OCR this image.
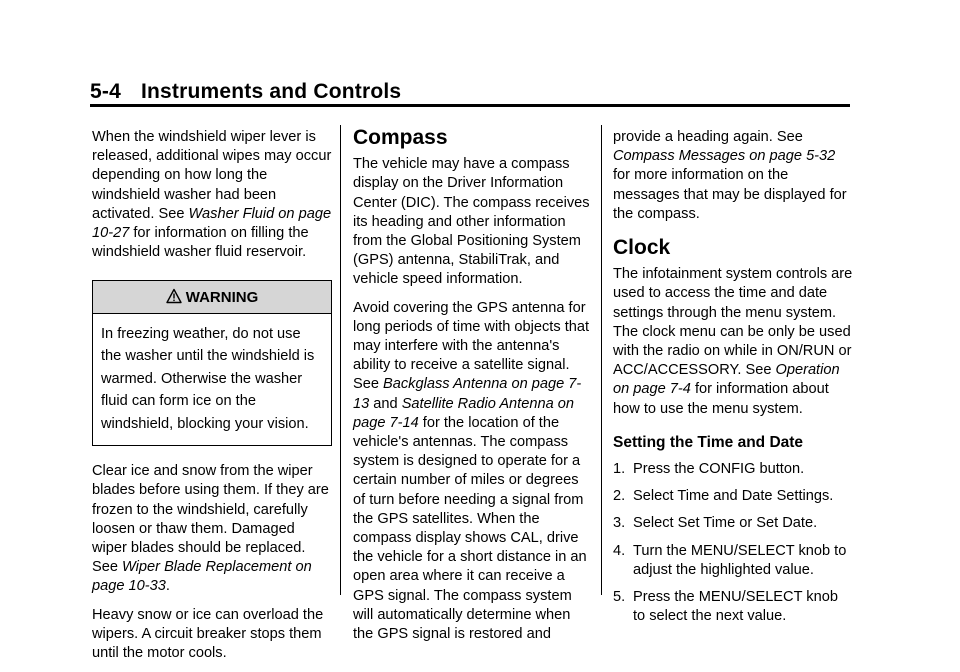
5-4 Instruments and Controls

When the windshield wiper lever is released, additional wipes may occur depending on how long the windshield washer had been activated. See Washer Fluid on page 10-27 for information on filling the windshield washer fluid reservoir.

WARNING
In freezing weather, do not use the washer until the windshield is warmed. Otherwise the washer fluid can form ice on the windshield, blocking your vision.

Clear ice and snow from the wiper blades before using them. If they are frozen to the windshield, carefully loosen or thaw them. Damaged wiper blades should be replaced. See Wiper Blade Replacement on page 10-33.

Heavy snow or ice can overload the wipers. A circuit breaker stops them until the motor cools.

Compass

The vehicle may have a compass display on the Driver Information Center (DIC). The compass receives its heading and other information from the Global Positioning System (GPS) antenna, StabiliTrak, and vehicle speed information.

Avoid covering the GPS antenna for long periods of time with objects that may interfere with the antenna's ability to receive a satellite signal. See Backglass Antenna on page 7-13 and Satellite Radio Antenna on page 7-14 for the location of the vehicle's antennas. The compass system is designed to operate for a certain number of miles or degrees of turn before needing a signal from the GPS satellites. When the compass display shows CAL, drive the vehicle for a short distance in an open area where it can receive a GPS signal. The compass system will automatically determine when the GPS signal is restored and

provide a heading again. See Compass Messages on page 5-32 for more information on the messages that may be displayed for the compass.

Clock

The infotainment system controls are used to access the time and date settings through the menu system. The clock menu can be only be used with the radio on while in ON/RUN or ACC/ACCESSORY. See Operation on page 7-4 for information about how to use the menu system.

Setting the Time and Date
1. Press the CONFIG button.
2. Select Time and Date Settings.
3. Select Set Time or Set Date.
4. Turn the MENU/SELECT knob to adjust the highlighted value.
5. Press the MENU/SELECT knob to select the next value.
